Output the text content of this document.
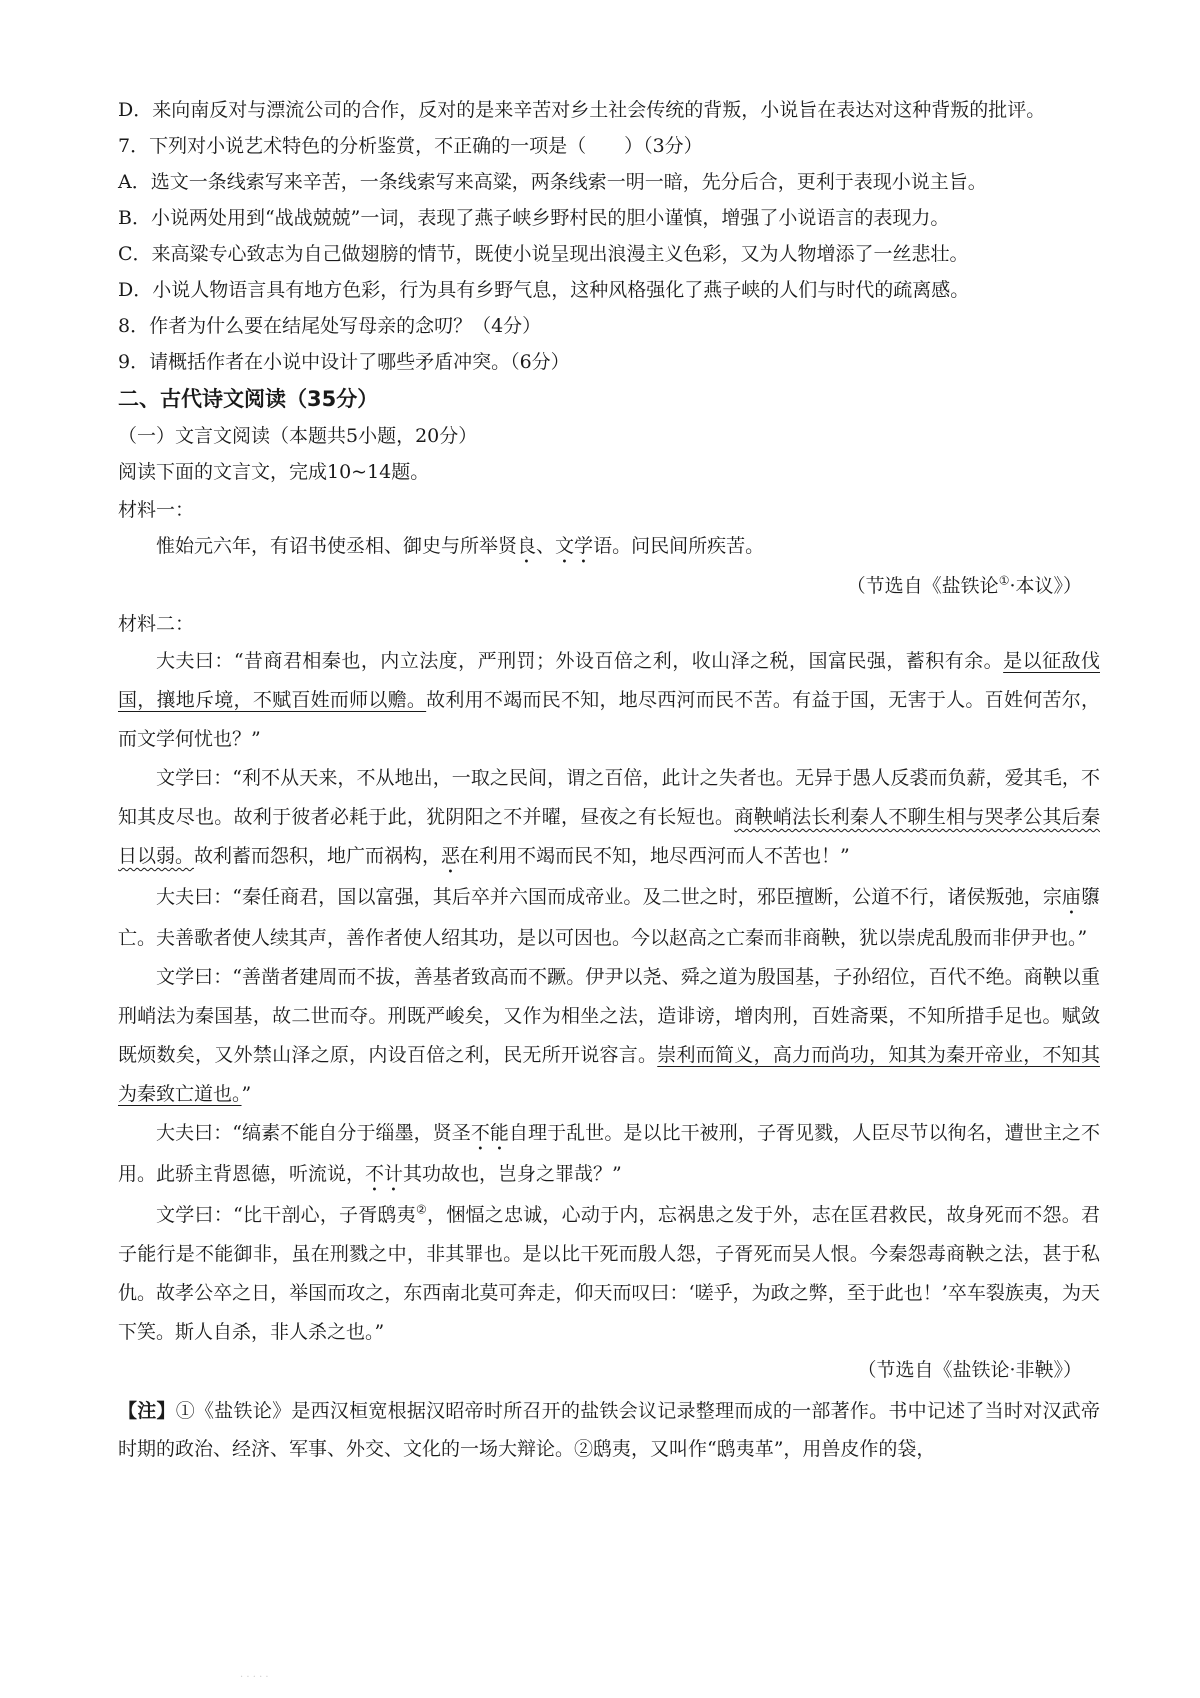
D．来向南反对与漂流公司的合作，反对的是来辛苦对乡土社会传统的背叛，小说旨在表达对这种背叛的批评。
7．下列对小说艺术特色的分析鉴赏，不正确的一项是（　　）（3分）
A．选文一条线索写来辛苦，一条线索写来高粱，两条线索一明一暗，先分后合，更利于表现小说主旨。
B．小说两处用到“战战兢兢”一词，表现了燕子峡乡野村民的胆小谨慎，增强了小说语言的表现力。
C．来高粱专心致志为自己做翅膀的情节，既使小说呈现出浪漫主义色彩，又为人物增添了一丝悲壮。
D．小说人物语言具有地方色彩，行为具有乡野气息，这种风格强化了燕子峡的人们与时代的疏离感。
8．作者为什么要在结尾处写母亲的念叨？（4分）
9．请概括作者在小说中设计了哪些矛盾冲突。（6分）
二、古代诗文阅读（35分）
（一）文言文阅读（本题共5小题，20分）
阅读下面的文言文，完成10~14题。
材料一：
惟始元六年，有诏书使丞相、御史与所举贤良、文学语。问民间所疾苦。
（节选自《盐铁论①·本议》）
材料二：

大夫曰：“昔商君相秦也，内立法度，严刑罚；外设百倍之利，收山泽之税，国富民强，蓄积有余。是以征敌伐国，攘地斥境，不赋百姓而师以赡。故利用不竭而民不知，地尽西河而民不苦。有益于国，无害于人。百姓何苦尔，而文学何忧也？”

文学曰：“利不从天来，不从地出，一取之民间，谓之百倍，此计之失者也。无异于愚人反裘而负薪，爱其毛，不知其皮尽也。故利于彼者必耗于此，犹阴阳之不并曜，昼夜之有长短也。商鞅峭法长利秦人不聊生相与哭孝公其后秦日以弱。故利蓄而怨积，地广而祸构，恶在利用不竭而民不知，地尽西河而人不苦也！”

大夫曰：“秦任商君，国以富强，其后卒并六国而成帝业。及二世之时，邪臣擅断，公道不行，诸侯叛弛，宗庙隳亡。夫善歌者使人续其声，善作者使人绍其功，是以可因也。今以赵高之亡秦而非商鞅，犹以崇虎乱殷而非伊尹也。”

文学曰：“善凿者建周而不拔，善基者致高而不蹶。伊尹以尧、舜之道为殷国基，子孙绍位，百代不绝。商鞅以重刑峭法为秦国基，故二世而夺。刑既严峻矣，又作为相坐之法，造诽谤，增肉刑，百姓斋栗，不知所措手足也。赋敛既烦数矣，又外禁山泽之原，内设百倍之利，民无所开说容言。崇利而简义，高力而尚功，知其为秦开帝业，不知其为秦致亡道也。”

大夫曰：“缟素不能自分于缁墨，贤圣不能自理于乱世。是以比干被刑，子胥见戮，人臣尽节以徇名，遭世主之不用。此骄主背恩德，听流说，不计其功故也，岂身之罪哉？”

文学曰：“比干剖心，子胥鸱夷②，悃愊之忠诚，心动于内，忘祸患之发于外，志在匡君救民，故身死而不怨。君子能行是不能御非，虽在刑戮之中，非其罪也。是以比干死而殷人怨，子胥死而吴人恨。今秦怨毒商鞅之法，甚于私仇。故孝公卒之日，举国而攻之，东西南北莫可奔走，仰天而叹曰：‘嗟乎，为政之弊，至于此也！’卒车裂族夷，为天下笑。斯人自杀，非人杀之也。”

（节选自《盐铁论·非鞅》）
【注】①《盐铁论》是西汉桓宽根据汉昭帝时所召开的盐铁会议记录整理而成的一部著作。书中记述了当时对汉武帝时期的政治、经济、军事、外交、文化的一场大辩论。②鸱夷，又叫作“鸱夷革”，用兽皮作的袋，
· · · · ·
